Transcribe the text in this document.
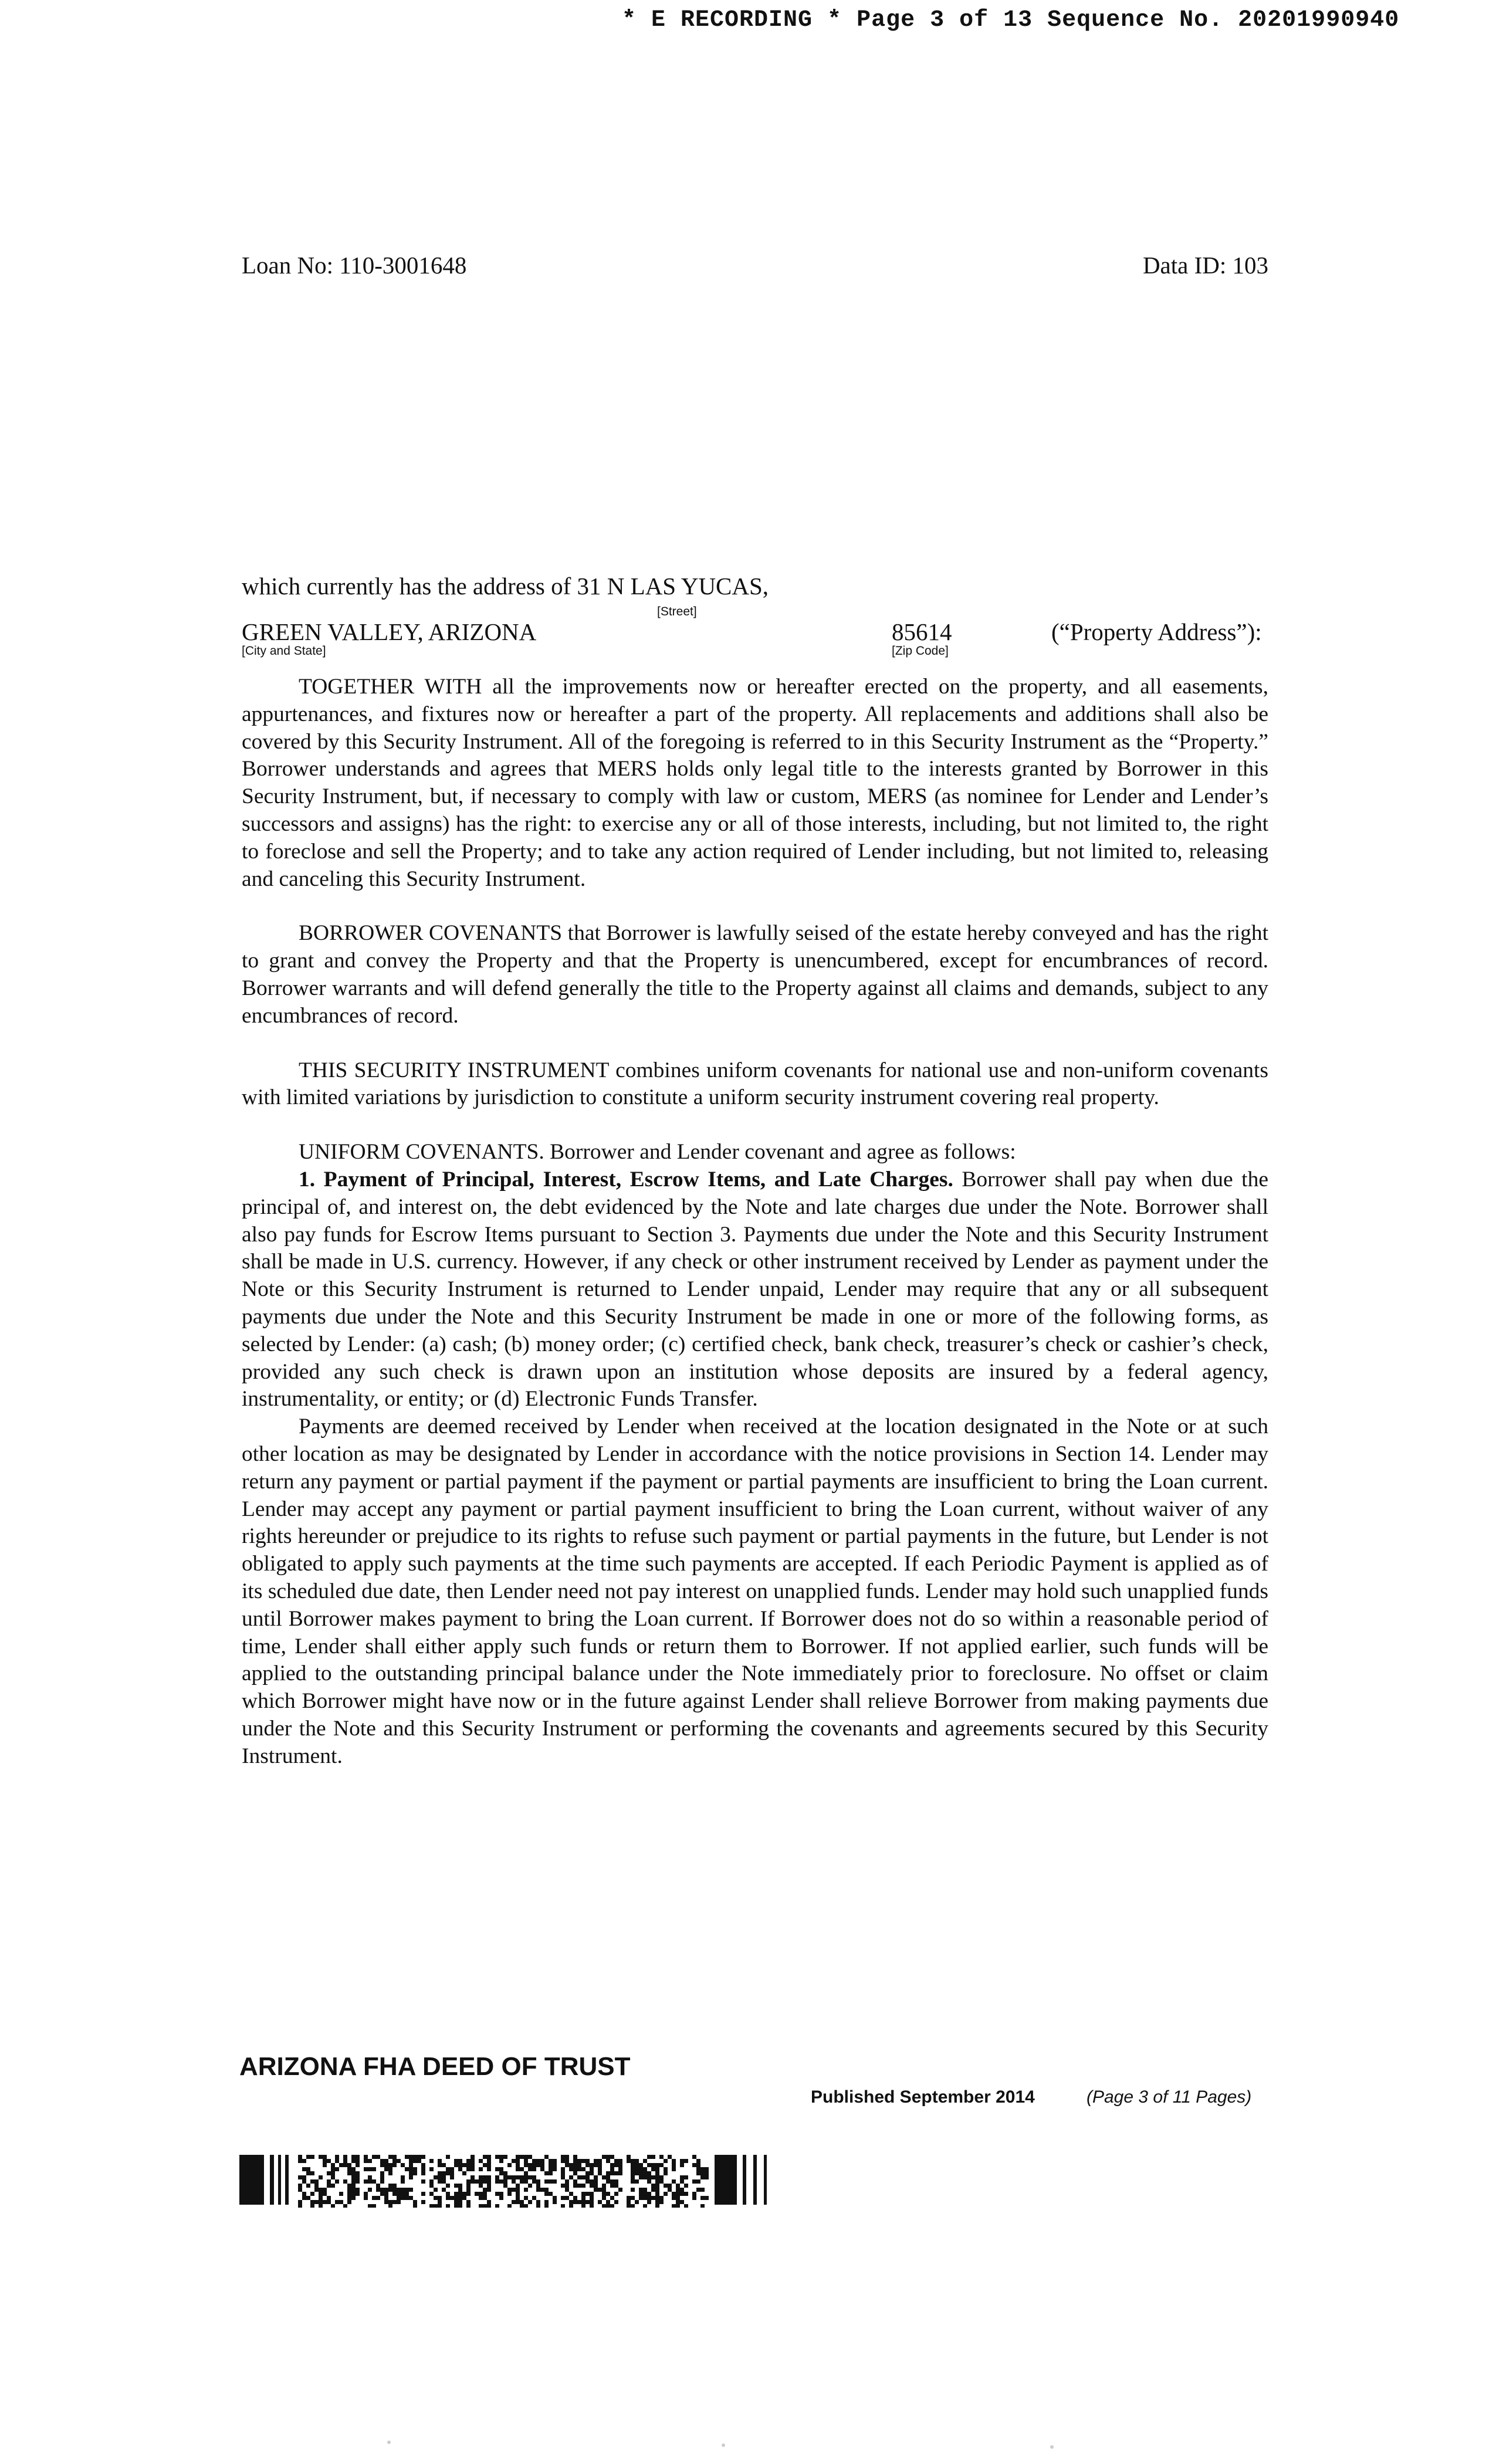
* E RECORDING * Page 3 of 13 Sequence No. 20201990940
Loan No: 110-3001648	Data ID: 103
which currently has the address of 31 N LAS YUCAS,
[Street]
GREEN VALLEY, ARIZONA
[City and State]
85614
[Zip Code]
(“Property Address”):

TOGETHER WITH all the improvements now or hereafter erected on the property, and all easements, appurtenances, and fixtures now or hereafter a part of the property. All replacements and additions shall also be covered by this Security Instrument. All of the foregoing is referred to in this Security Instrument as the “Property.” Borrower understands and agrees that MERS holds only legal title to the interests granted by Borrower in this Security Instrument, but, if necessary to comply with law or custom, MERS (as nominee for Lender and Lender’s successors and assigns) has the right: to exercise any or all of those interests, including, but not limited to, the right to foreclose and sell the Property; and to take any action required of Lender including, but not limited to, releasing and canceling this Security Instrument.

BORROWER COVENANTS that Borrower is lawfully seised of the estate hereby conveyed and has the right to grant and convey the Property and that the Property is unencumbered, except for encumbrances of record. Borrower warrants and will defend generally the title to the Property against all claims and demands, subject to any encumbrances of record.

THIS SECURITY INSTRUMENT combines uniform covenants for national use and non-uniform covenants with limited variations by jurisdiction to constitute a uniform security instrument covering real property.

UNIFORM COVENANTS. Borrower and Lender covenant and agree as follows:

1. Payment of Principal, Interest, Escrow Items, and Late Charges. Borrower shall pay when due the principal of, and interest on, the debt evidenced by the Note and late charges due under the Note. Borrower shall also pay funds for Escrow Items pursuant to Section 3. Payments due under the Note and this Security Instrument shall be made in U.S. currency. However, if any check or other instrument received by Lender as payment under the Note or this Security Instrument is returned to Lender unpaid, Lender may require that any or all subsequent payments due under the Note and this Security Instrument be made in one or more of the following forms, as selected by Lender: (a) cash; (b) money order; (c) certified check, bank check, treasurer’s check or cashier’s check, provided any such check is drawn upon an institution whose deposits are insured by a federal agency, instrumentality, or entity; or (d) Electronic Funds Transfer.

Payments are deemed received by Lender when received at the location designated in the Note or at such other location as may be designated by Lender in accordance with the notice provisions in Section 14. Lender may return any payment or partial payment if the payment or partial payments are insufficient to bring the Loan current. Lender may accept any payment or partial payment insufficient to bring the Loan current, without waiver of any rights hereunder or prejudice to its rights to refuse such payment or partial payments in the future, but Lender is not obligated to apply such payments at the time such payments are accepted. If each Periodic Payment is applied as of its scheduled due date, then Lender need not pay interest on unapplied funds. Lender may hold such unapplied funds until Borrower makes payment to bring the Loan current. If Borrower does not do so within a reasonable period of time, Lender shall either apply such funds or return them to Borrower. If not applied earlier, such funds will be applied to the outstanding principal balance under the Note immediately prior to foreclosure. No offset or claim which Borrower might have now or in the future against Lender shall relieve Borrower from making payments due under the Note and this Security Instrument or performing the covenants and agreements secured by this Security Instrument.

ARIZONA FHA DEED OF TRUST
Published September 2014	(Page 3 of 11 Pages)
